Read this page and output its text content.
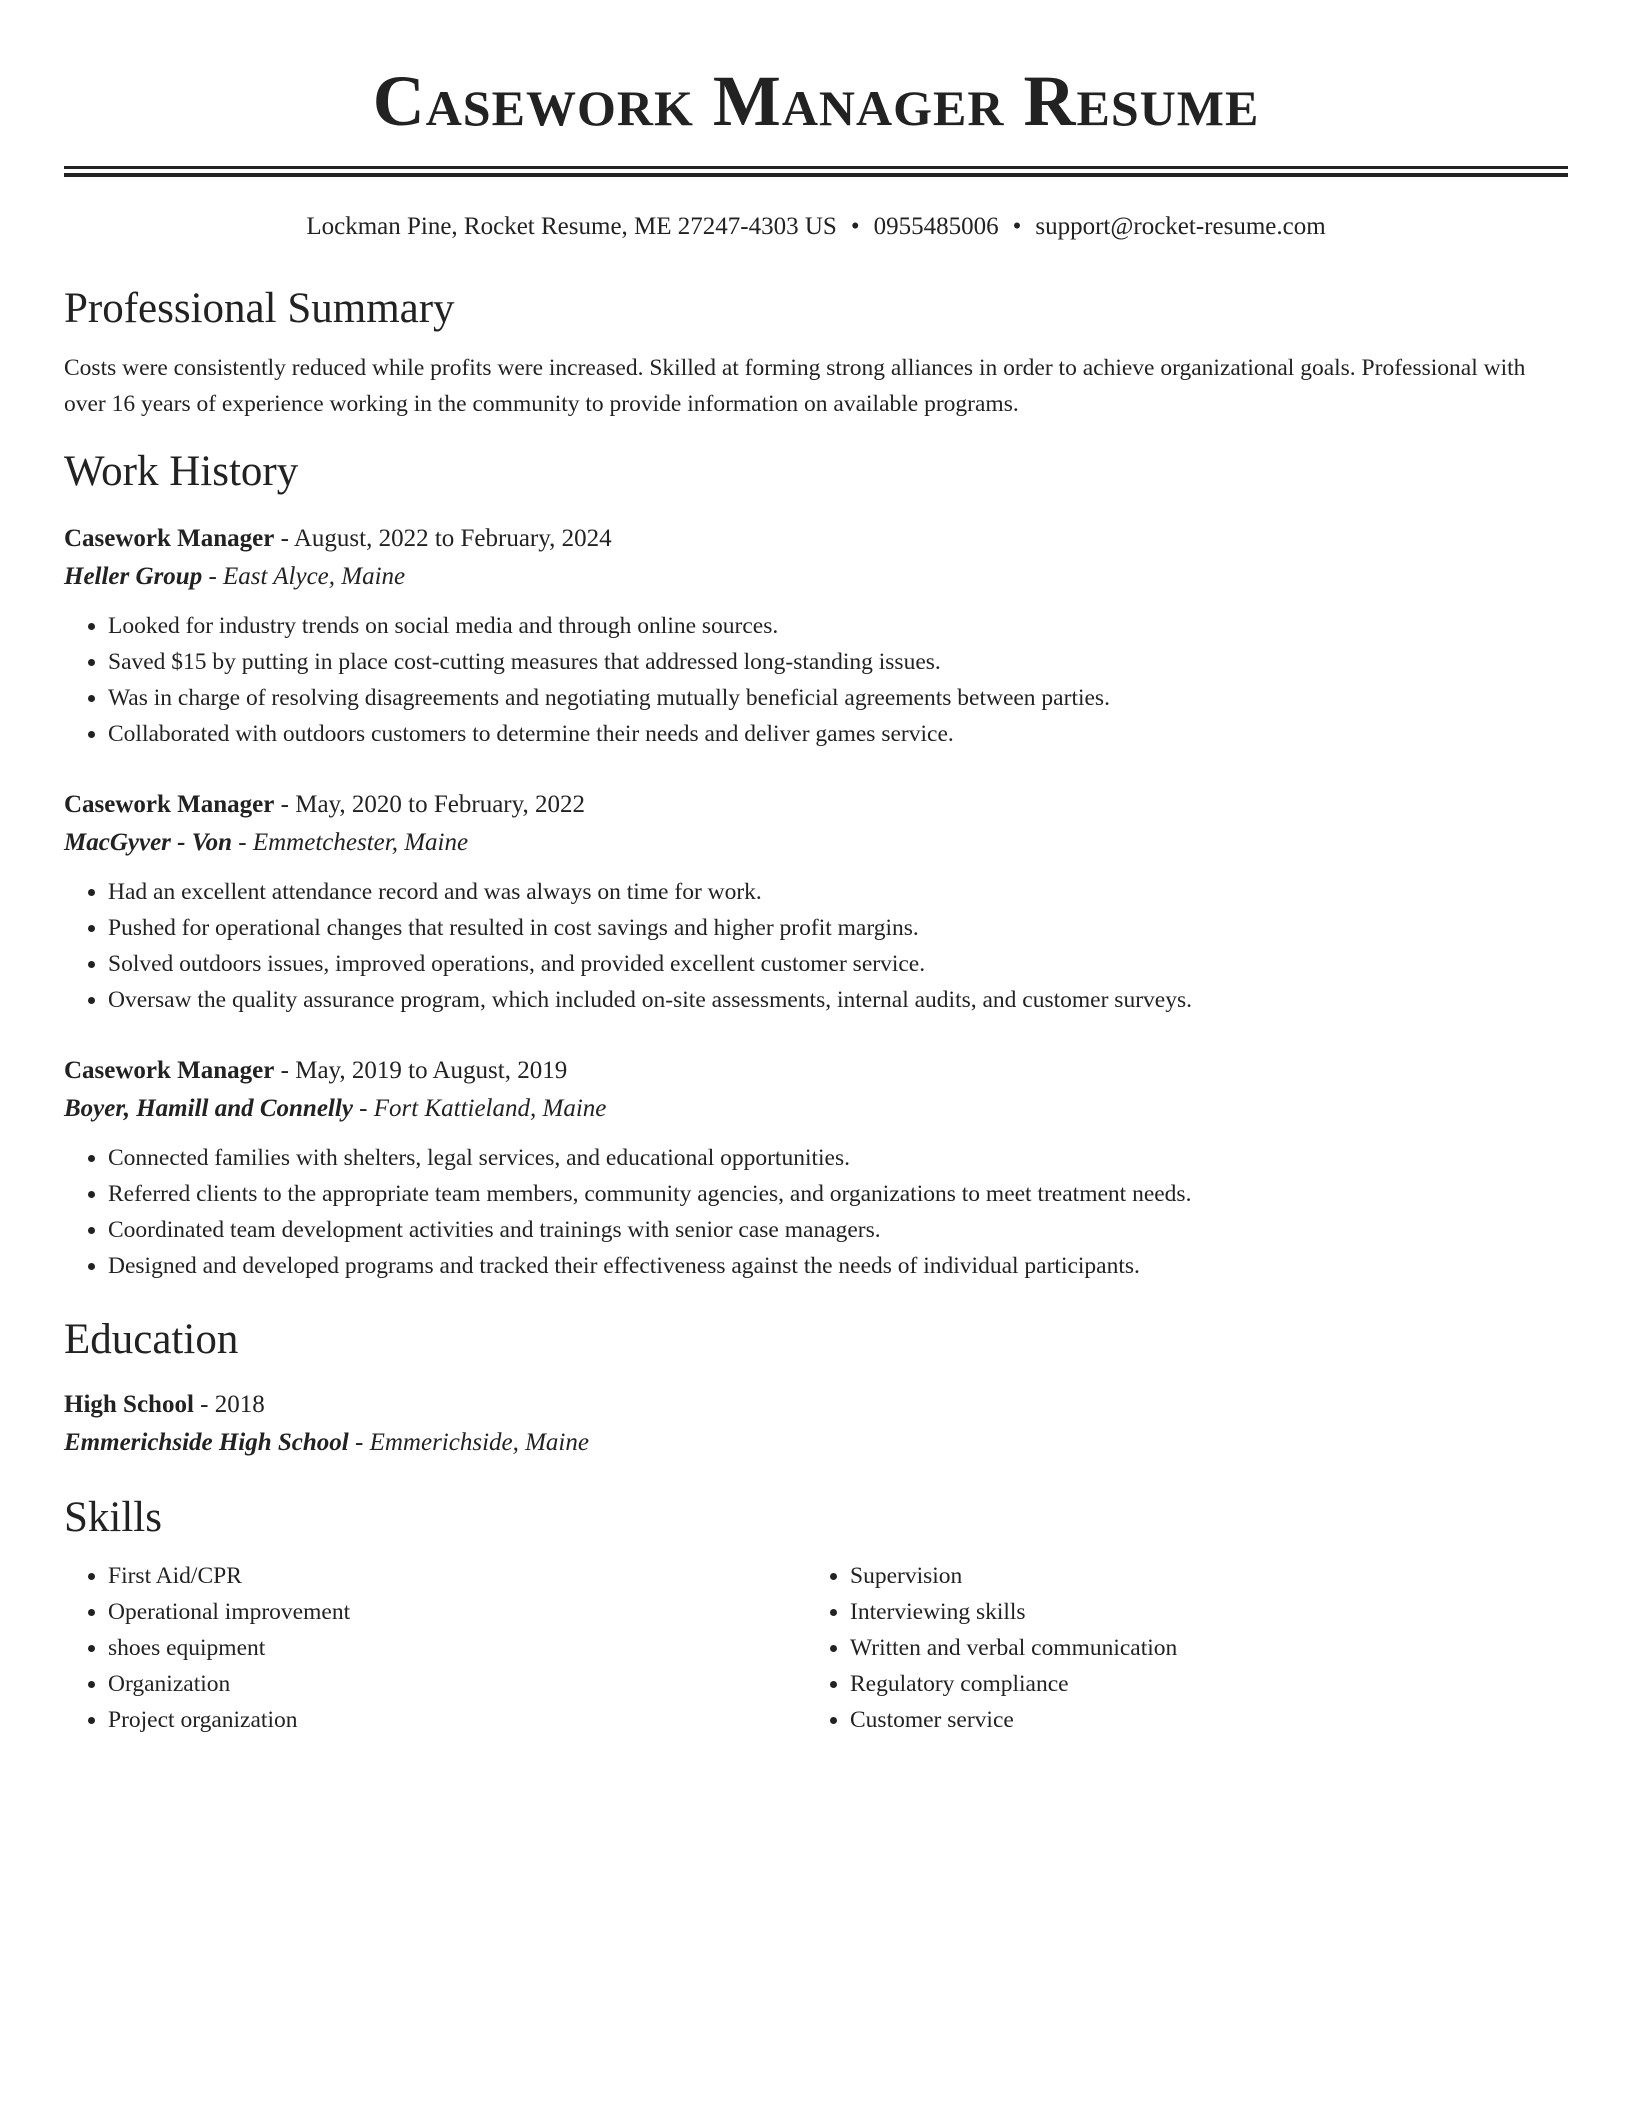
Casework Manager Resume
Lockman Pine, Rocket Resume, ME 27247-4303 US • 0955485006 • support@rocket-resume.com
Professional Summary
Costs were consistently reduced while profits were increased. Skilled at forming strong alliances in order to achieve organizational goals. Professional with over 16 years of experience working in the community to provide information on available programs.
Work History
Casework Manager - August, 2022 to February, 2024
Heller Group - East Alyce, Maine
• Looked for industry trends on social media and through online sources.
• Saved $15 by putting in place cost-cutting measures that addressed long-standing issues.
• Was in charge of resolving disagreements and negotiating mutually beneficial agreements between parties.
• Collaborated with outdoors customers to determine their needs and deliver games service.
Casework Manager - May, 2020 to February, 2022
MacGyver - Von - Emmetchester, Maine
• Had an excellent attendance record and was always on time for work.
• Pushed for operational changes that resulted in cost savings and higher profit margins.
• Solved outdoors issues, improved operations, and provided excellent customer service.
• Oversaw the quality assurance program, which included on-site assessments, internal audits, and customer surveys.
Casework Manager - May, 2019 to August, 2019
Boyer, Hamill and Connelly - Fort Kattieland, Maine
• Connected families with shelters, legal services, and educational opportunities.
• Referred clients to the appropriate team members, community agencies, and organizations to meet treatment needs.
• Coordinated team development activities and trainings with senior case managers.
• Designed and developed programs and tracked their effectiveness against the needs of individual participants.
Education
High School - 2018
Emmerichside High School - Emmerichside, Maine
Skills
• First Aid/CPR
• Operational improvement
• shoes equipment
• Organization
• Project organization
• Supervision
• Interviewing skills
• Written and verbal communication
• Regulatory compliance
• Customer service
